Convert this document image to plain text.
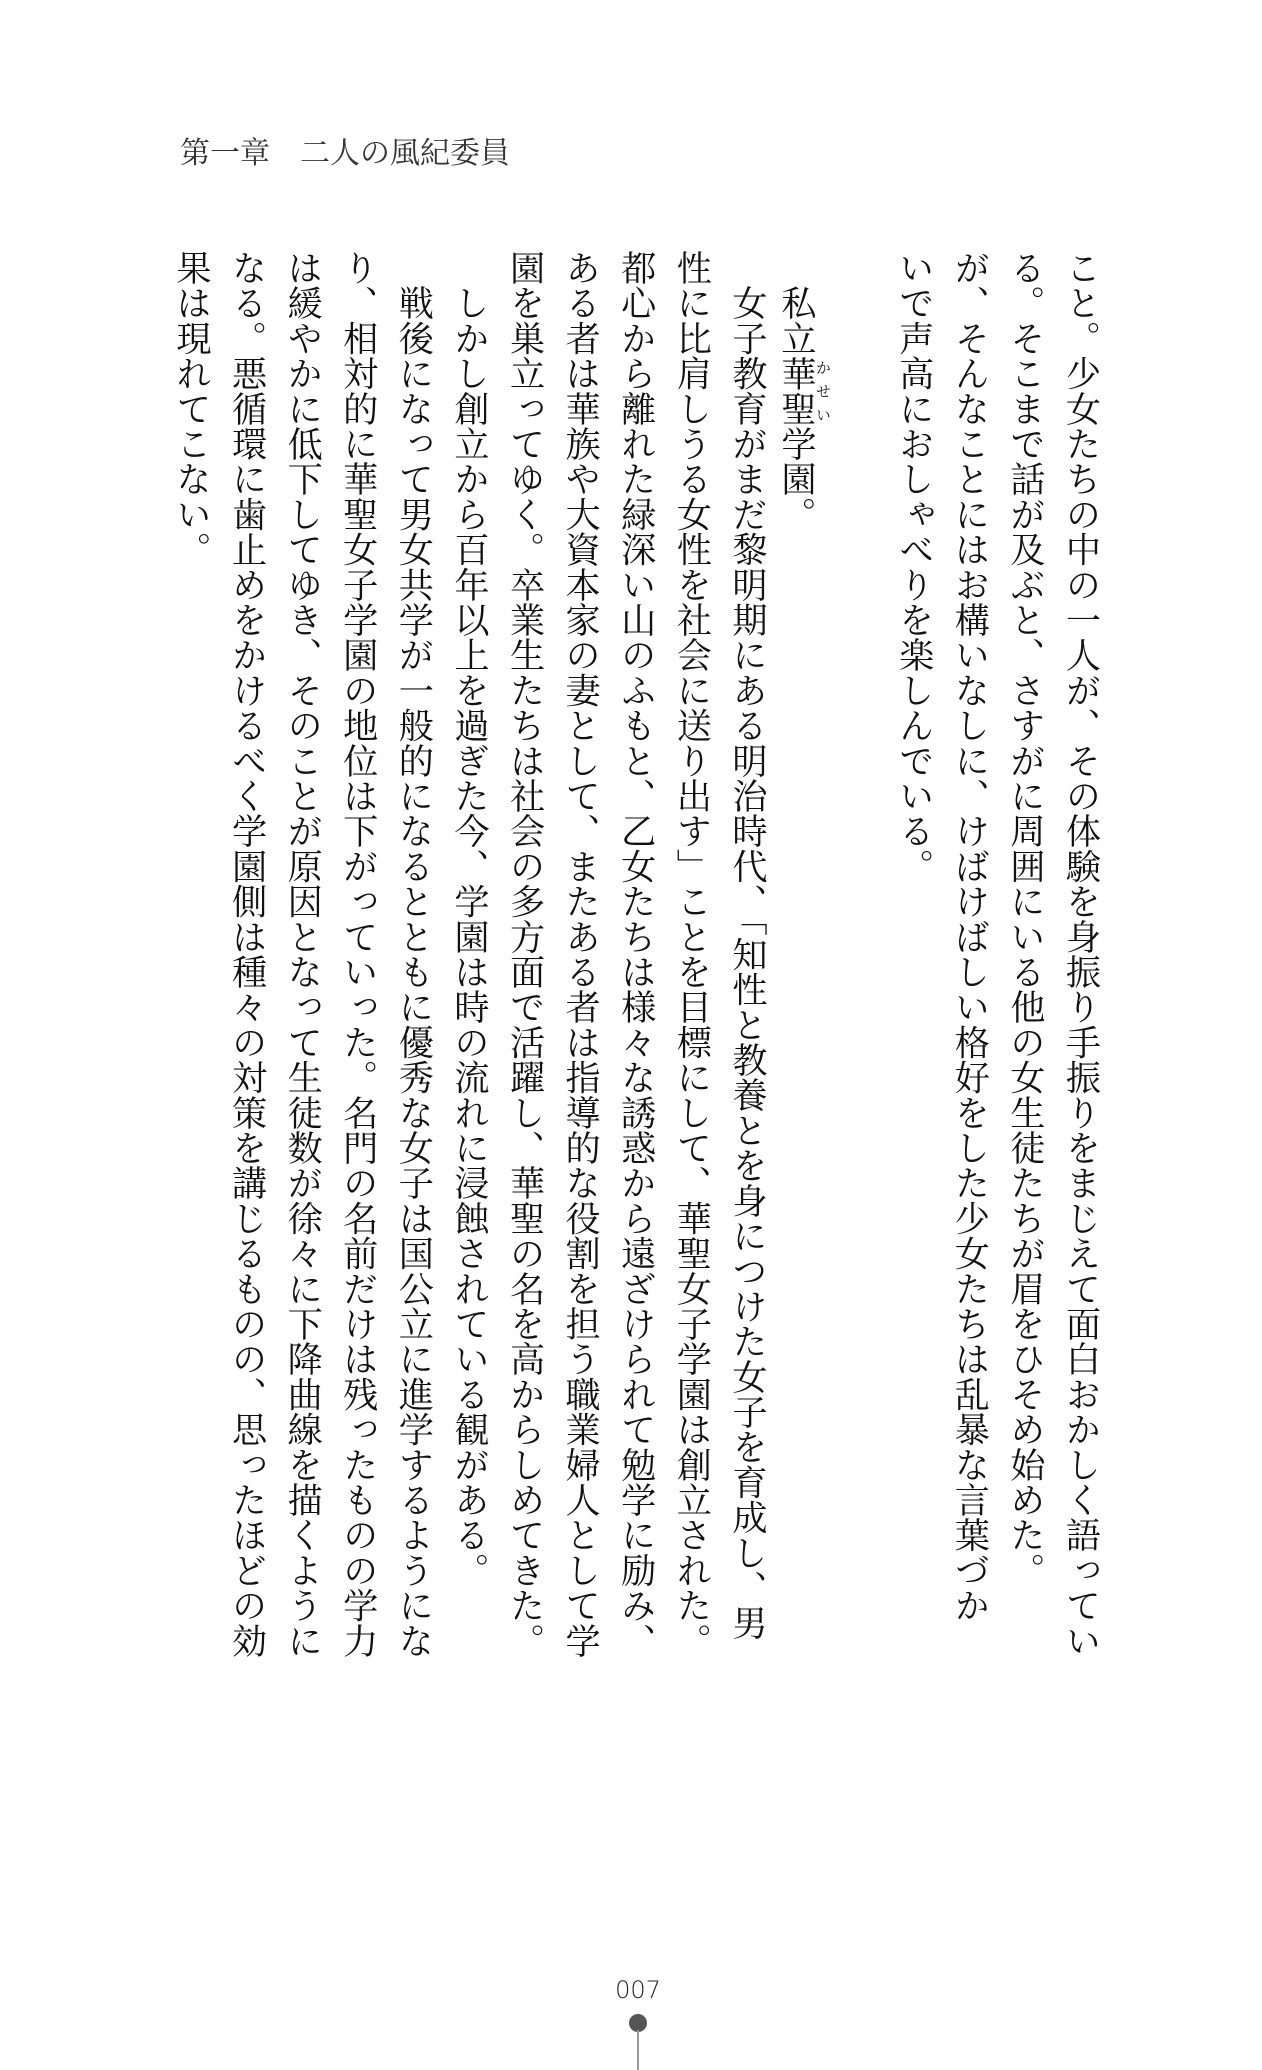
第一章　二人の風紀委員
こと。少女たちの中の一人が、その体験を身振り手振りをまじえて面白おかしく語ってい
る。そこまで話が及ぶと、さすがに周囲にいる他の女生徒たちが眉をひそめ始めた。
が、そんなことにはお構いなしに、けばけばしい格好をした少女たちは乱暴な言葉づか
いで声高におしゃべりを楽しんでいる。
　私立華聖かせい学園。
　女子教育がまだ黎明期にある明治時代、「知性と教養とを身につけた女子を育成し、男
性に比肩しうる女性を社会に送り出す」ことを目標にして、華聖女子学園は創立された。
都心から離れた緑深い山のふもと、乙女たちは様々な誘惑から遠ざけられて勉学に励み、
ある者は華族や大資本家の妻として、またある者は指導的な役割を担う職業婦人として学
園を巣立ってゆく。卒業生たちは社会の多方面で活躍し、華聖の名を高からしめてきた。
　しかし創立から百年以上を過ぎた今、学園は時の流れに浸蝕されている観がある。
　戦後になって男女共学が一般的になるとともに優秀な女子は国公立に進学するようにな
り、相対的に華聖女子学園の地位は下がっていった。名門の名前だけは残ったものの学力
は緩やかに低下してゆき、そのことが原因となって生徒数が徐々に下降曲線を描くように
なる。悪循環に歯止めをかけるべく学園側は種々の対策を講じるものの、思ったほどの効
果は現れてこない。
007
